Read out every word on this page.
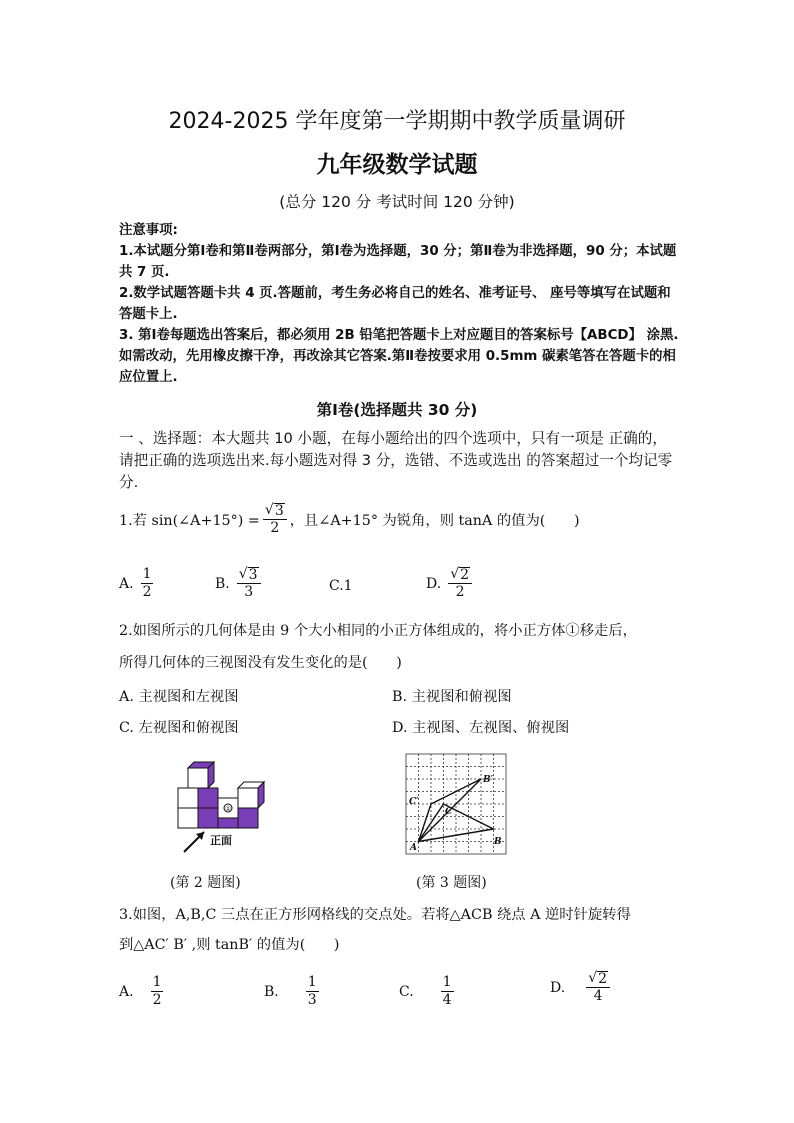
2024-2025 学年度第一学期期中教学质量调研
九年级数学试题
(总分 120 分 考试时间 120 分钟)
注意事项:
1.本试题分第Ⅰ卷和第Ⅱ卷两部分，第Ⅰ卷为选择题，30 分；第Ⅱ卷为非选择题，90 分；本试题共 7 页.
2.数学试题答题卡共 4 页.答题前，考生务必将自己的姓名、准考证号、 座号等填写在试题和答题卡上.
3. 第Ⅰ卷每题选出答案后，都必须用 2B 铅笔把答题卡上对应题目的答案标号【ABCD】 涂黑.如需改动，先用橡皮擦干净，再改涂其它答案.第Ⅱ卷按要求用 0.5mm 碳素笔答在答题卡的相应位置上.
第Ⅰ卷(选择题共 30 分)
一 、选择题：本大题共 10 小题，在每小题给出的四个选项中，只有一项是 正确的，请把正确的选项选出来.每小题选对得 3 分，选错、不选或选出 的答案超过一个均记零分.
1.若 sin(∠A+15°) = $\frac{√ 3}{2}$ ，且∠A+15° 为锐角，则 tanA 的值为(　　)
A. $\frac{1}{2}$	B. $\frac{√ 3}{3}$	C.1	D. $\frac{√ 2}{2}$
2.如图所示的几何体是由 9 个大小相同的小正方体组成的，将小正方体①移走后，
所得几何体的三视图没有发生变化的是(　　)
A. 主视图和左视图	B. 主视图和俯视图
C. 左视图和俯视图	D. 主视图、左视图、俯视图
①
正面
(第 2 题图)
A
B
C
C′
B′
(第 3 题图)
3.如图，A,B,C 三点在正方形网格线的交点处。若将△ACB 绕点 A 逆时针旋转得
到△AC′ B′ ,则 tanB′ 的值为(　　)
A. $\frac{1}{2}$	B. $\frac{1}{3}$	C. $\frac{1}{4}$	D. $\frac{√ 2}{4}$
